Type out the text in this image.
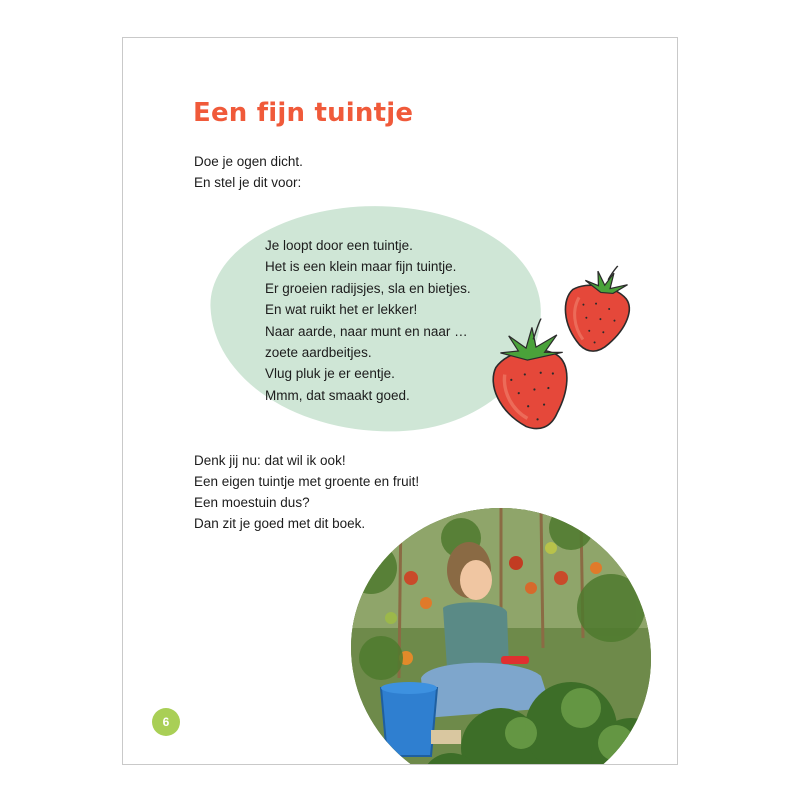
Een fijn tuintje
Doe je ogen dicht.
En stel je dit voor:
Je loopt door een tuintje.
Het is een klein maar fijn tuintje.
Er groeien radijsjes, sla en bietjes.
En wat ruikt het er lekker!
Naar aarde, naar munt en naar …
zoete aardbeitjes.
Vlug pluk je er eentje.
Mmm, dat smaakt goed.
Denk jij nu: dat wil ik ook!
Een eigen tuintje met groente en fruit!
Een moestuin dus?
Dan zit je goed met dit boek.
6
